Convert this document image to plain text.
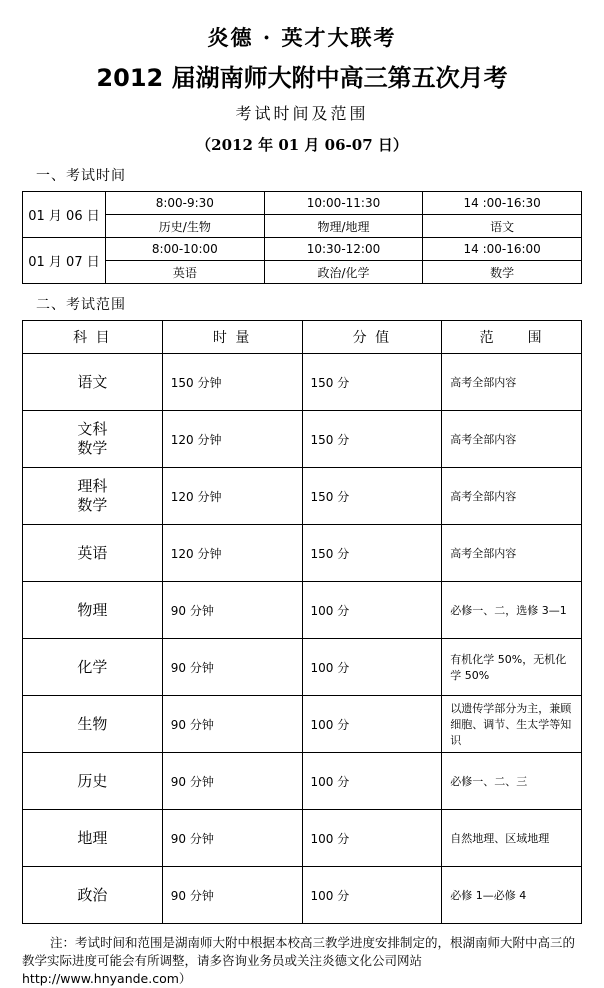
炎德 · 英才大联考
2012 届湖南师大附中高三第五次月考
考试时间及范围
（2012 年 01 月 06-07 日）
一、考试时间
01 月 06 日	8:00-9:30	10:00-11:30	14 :00-16:30
	历史/生物	物理/地理	语文
01 月 07 日	8:00-10:00	10:30-12:00	14 :00-16:00
	英语	政治/化学	数学
二、考试范围
科 目	时 量	分 值	范　　围
语文	150 分钟	150 分	高考全部内容
文科
数学	120 分钟	150 分	高考全部内容
理科
数学	120 分钟	150 分	高考全部内容
英语	120 分钟	150 分	高考全部内容
物理	90 分钟	100 分	必修一、二，选修 3—1
化学	90 分钟	100 分	有机化学 50%，无机化学 50%
生物	90 分钟	100 分	以遗传学部分为主，兼顾细胞、调节、生太学等知识
历史	90 分钟	100 分	必修一、二、三
地理	90 分钟	100 分	自然地理、区域地理
政治	90 分钟	100 分	必修 1—必修 4
注：考试时间和范围是湖南师大附中根据本校高三教学进度安排制定的，根湖南师大附中高三的教学实际进度可能会有所调整，请多咨询业务员或关注炎德文化公司网站
http://www.hnyande.com）
